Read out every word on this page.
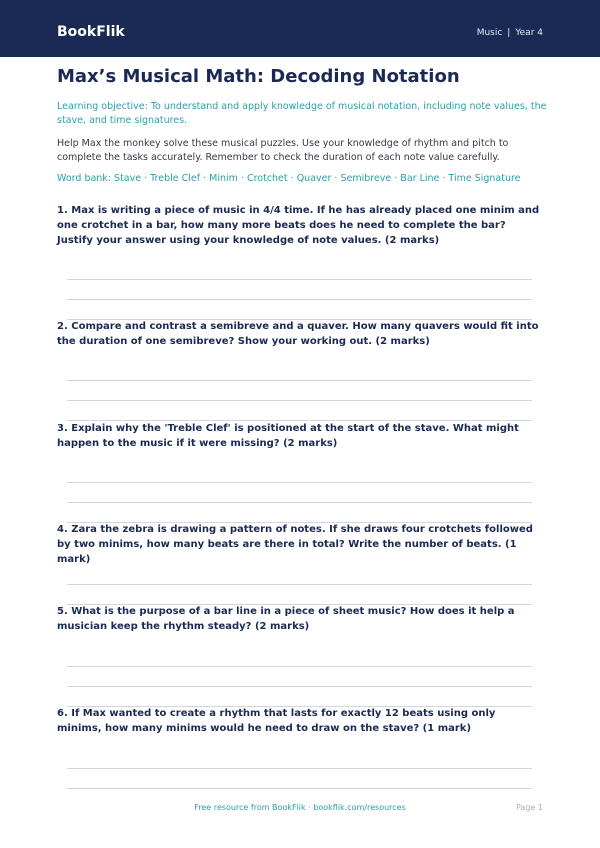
BookFlik	Music | Year 4
Max’s Musical Math: Decoding Notation
Learning objective: To understand and apply knowledge of musical notation, including note values, the stave, and time signatures.
Help Max the monkey solve these musical puzzles. Use your knowledge of rhythm and pitch to complete the tasks accurately. Remember to check the duration of each note value carefully.
Word bank: Stave · Treble Clef · Minim · Crotchet · Quaver · Semibreve · Bar Line · Time Signature

1. Max is writing a piece of music in 4/4 time. If he has already placed one minim and one crotchet in a bar, how many more beats does he need to complete the bar? Justify your answer using your knowledge of note values. (2 marks)

2. Compare and contrast a semibreve and a quaver. How many quavers would fit into the duration of one semibreve? Show your working out. (2 marks)

3. Explain why the 'Treble Clef' is positioned at the start of the stave. What might happen to the music if it were missing? (2 marks)

4. Zara the zebra is drawing a pattern of notes. If she draws four crotchets followed by two minims, how many beats are there in total? Write the number of beats. (1 mark)

5. What is the purpose of a bar line in a piece of sheet music? How does it help a musician keep the rhythm steady? (2 marks)

6. If Max wanted to create a rhythm that lasts for exactly 12 beats using only minims, how many minims would he need to draw on the stave? (1 mark)

Free resource from BookFlik · bookflik.com/resources	Page 1
